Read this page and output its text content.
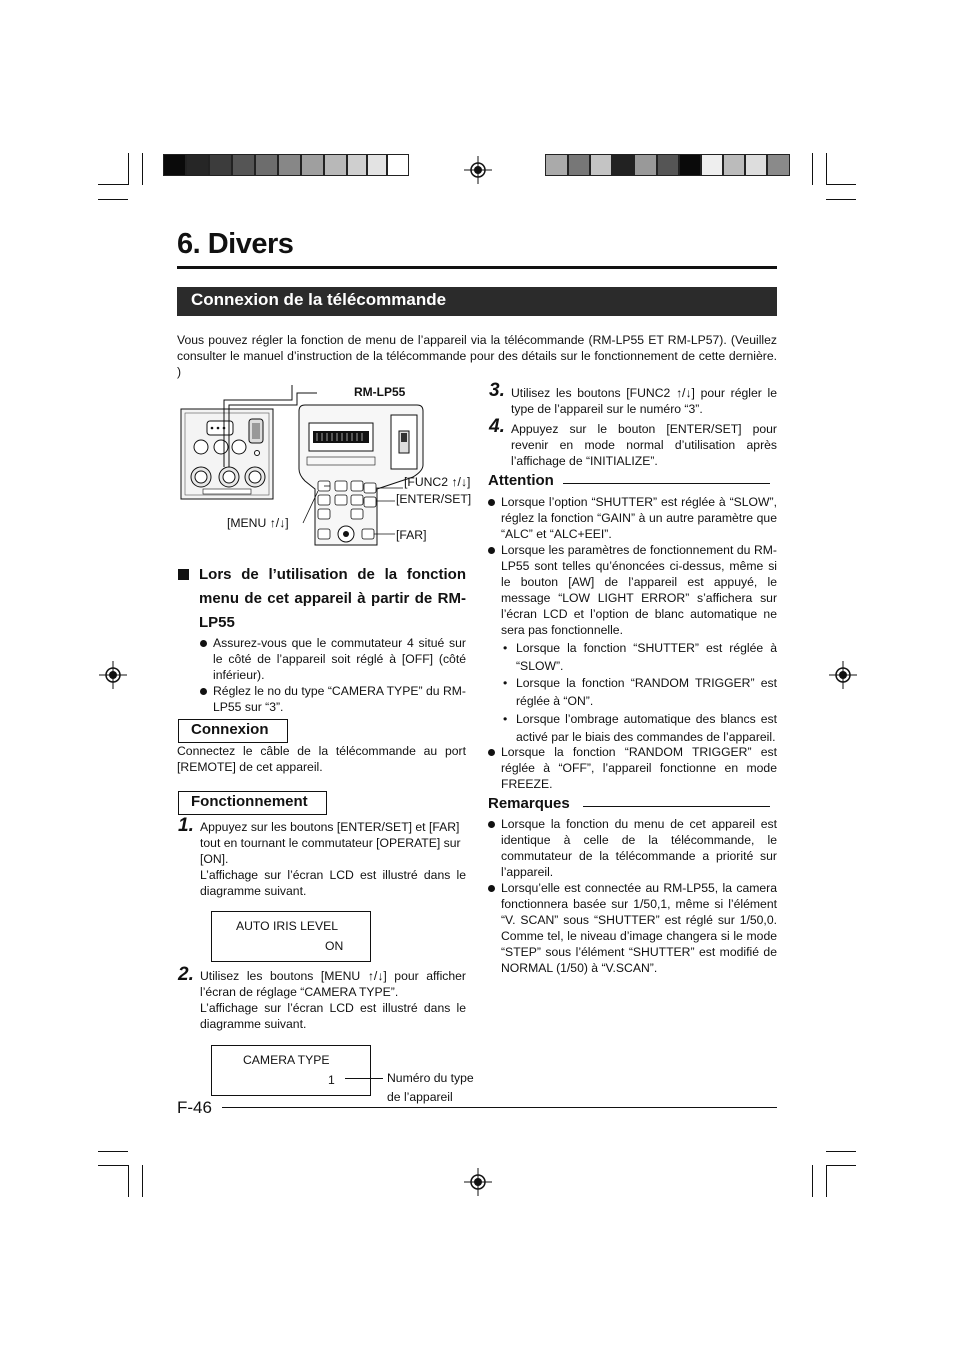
6. Divers
Connexion de la télécommande
Vous pouvez régler la fonction de menu de l’appareil via la télécommande (RM-LP55 ET RM-LP57). (Veuillez consulter le manuel d’instruction de la télécommande pour des détails sur le fonctionnement de cette dernière. )
RM-LP55
[FUNC2 ↑/↓]
[ENTER/SET]
[FAR]
[MENU ↑/↓]
Lors de l’utilisation de la fonction menu de cet appareil à partir de RM-LP55
Assurez-vous que le commutateur 4 situé sur le côté de l’appareil soit réglé à [OFF] (côté inférieur).
Réglez le no du type “CAMERA TYPE” du RM-LP55 sur “3”.
Connexion
Connectez le câble de la télécommande au port [REMOTE] de cet appareil.
Fonctionnement
1. Appuyez sur les boutons [ENTER/SET] et [FAR] tout en tournant le commutateur [OPERATE] sur [ON].
L’affichage sur l’écran LCD est illustré dans le diagramme suivant.
AUTO IRIS LEVEL
ON
2. Utilisez les boutons [MENU ↑/↓] pour afficher l’écran de réglage “CAMERA TYPE”.
L’affichage sur l’écran LCD est illustré dans le diagramme suivant.
CAMERA TYPE
1	Numéro du type
de l’appareil
3. Utilisez les boutons [FUNC2 ↑/↓] pour régler le type de l’appareil sur le numéro “3”.
4. Appuyez sur le bouton [ENTER/SET] pour revenir en mode normal d’utilisation après l’affichage de “INITIALIZE”.
Attention
Lorsque l’option “SHUTTER” est réglée à “SLOW”, réglez la fonction “GAIN” à un autre paramètre que “ALC” et “ALC+EEI”.
Lorsque les paramètres de fonctionnement du RM-LP55 sont telles qu’énoncées ci-dessus, même si le bouton [AW] de l’appareil est appuyé, le message “LOW LIGHT ERROR” s’affichera sur l’écran LCD et l’option de blanc automatique ne sera pas fonctionnelle.
• Lorsque la fonction “SHUTTER” est réglée à “SLOW”.
• Lorsque la fonction “RANDOM TRIGGER” est réglée à “ON”.
• Lorsque l’ombrage automatique des blancs est activé par le biais des commandes de l’appareil.
Lorsque la fonction “RANDOM TRIGGER” est réglée à “OFF”, l’appareil fonctionne en mode FREEZE.
Remarques
Lorsque la fonction du menu de cet appareil est identique à celle de la télécommande, le commutateur de la télécommande a priorité sur l’appareil.
Lorsqu’elle est connectée au RM-LP55, la camera fonctionnera basée sur 1/50,1, même si l’élément “V. SCAN” sous “SHUTTER” est réglé sur 1/50,0. Comme tel, le niveau d’image changera si le mode “STEP” sous l’élément “SHUTTER” est modifié de NORMAL (1/50) à “V.SCAN”.
F-46
